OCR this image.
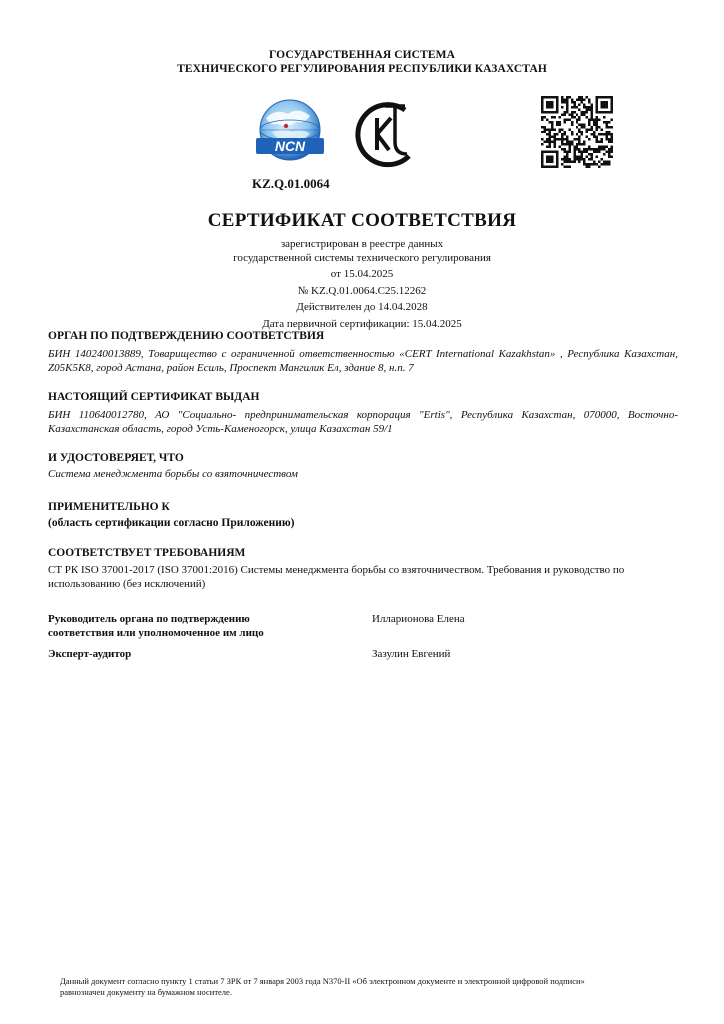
ГОСУДАРСТВЕННАЯ СИСТЕМА
ТЕХНИЧЕСКОГО РЕГУЛИРОВАНИЯ РЕСПУБЛИКИ КАЗАХСТАН
NCN
KZ.Q.01.0064
СЕРТИФИКАТ СООТВЕТСТВИЯ
зарегистрирован в реестре данных
государственной системы технического регулирования
от 15.04.2025
№ KZ.Q.01.0064.С25.12262
Действителен до 14.04.2028
Дата первичной сертификации: 15.04.2025
ОРГАН ПО ПОДТВЕРЖДЕНИЮ СООТВЕТСТВИЯ
БИН 140240013889, Товарищество с ограниченной ответственностью «CERT International Kazakhstan» , Республика Казахстан, Z05K5K8, город Астана, район Есиль, Проспект Мангилик Ел, здание 8, н.п. 7
НАСТОЯЩИЙ СЕРТИФИКАТ ВЫДАН
БИН 110640012780, АО "Социально- предпринимательская корпорация "Ertis", Республика Казахстан, 070000, Восточно-Казахстанская область, город Усть-Каменогорск, улица Казахстан 59/1
И УДОСТОВЕРЯЕТ, ЧТО
Система менеджмента борьбы со взяточничеством
ПРИМЕНИТЕЛЬНО К
(область сертификации согласно Приложению)
СООТВЕТСТВУЕТ ТРЕБОВАНИЯМ
СТ РК ISO 37001-2017 (ISO 37001:2016) Системы менеджмента борьбы со взяточничеством. Требования и руководство по использованию (без исключений)
Руководитель органа по подтверждению
соответствия или уполномоченное им лицо
Илларионова Елена
Эксперт-аудитор	Зазулин Евгений
Данный документ согласно пункту 1 статьи 7 ЗРК от 7 января 2003 года N370-II «Об электронном документе и электронной цифровой подписи»
равнозначен документу на бумажном носителе.
